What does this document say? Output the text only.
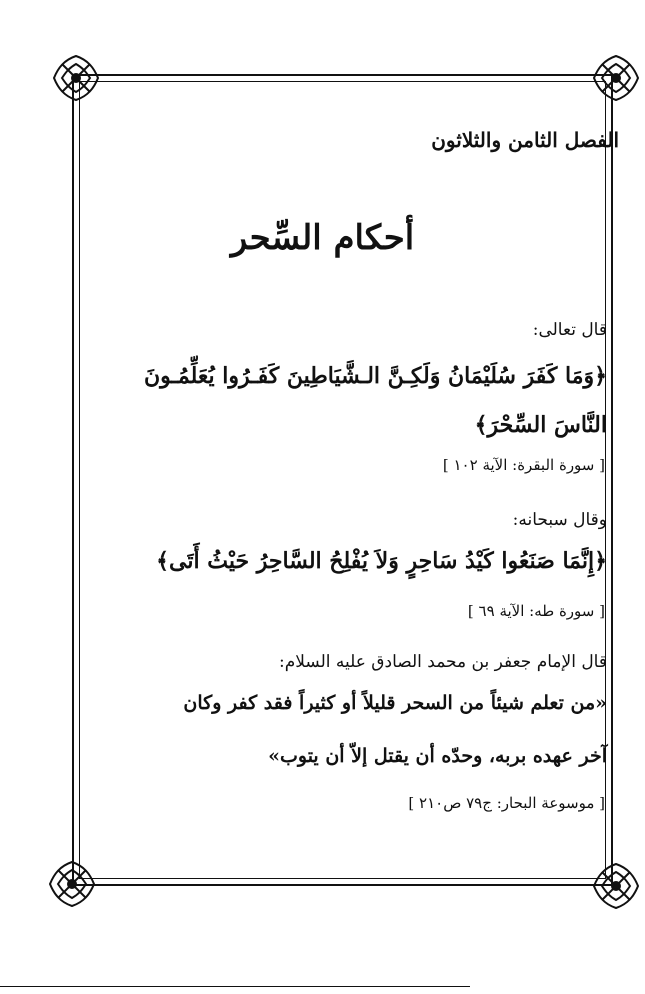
الفصل الثامن والثلاثون
أحكام السِّحر
قال تعالى:
﴿وَمَا كَفَرَ سُلَيْمَانُ وَلَكِـنَّ الـشَّيَاطِينَ كَفَـرُوا يُعَلِّمُـونَ
النَّاسَ السِّحْرَ﴾
[ سورة البقرة: الآية ١٠٢ ]
وقال سبحانه:
﴿إِنَّمَا صَنَعُوا كَيْدُ سَاحِرٍ وَلاَ يُفْلِحُ السَّاحِرُ حَيْثُ أَتَى﴾
[ سورة طه: الآية ٦٩ ]
قال الإمام جعفر بن محمد الصادق عليه السلام:
«من تعلم شيئاً من السحر قليلاً أو كثيراً فقد كفر وكان
آخر عهده بربه، وحدّه أن يقتل إلاّ أن يتوب»
[ موسوعة البحار: ج٧٩ ص٢١٠ ]
